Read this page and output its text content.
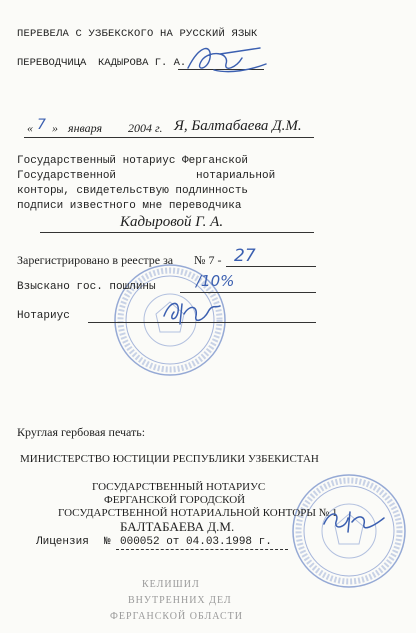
ПЕРЕВЕЛА С УЗБЕКСКОГО НА РУССКИЙ ЯЗЫК
ПЕРЕВОДЧИЦА КАДЫРОВА Г. А.
« 7 » января 2004 г. Я, Балтабаева Д.М.
Государственный нотариус Ферганской
Государственной	нотариальной
конторы, свидетельствую подлинность
подписи известного мне переводчика
Кадыровой Г. А.
Зарегистрировано в реестре за № 7 - 27
Взыскано гос. пошлины	/10%
Нотариус
Круглая гербовая печать:
МИНИСТЕРСТВО ЮСТИЦИИ РЕСПУБЛИКИ УЗБЕКИСТАН
ГОСУДАРСТВЕННЫЙ НОТАРИУС
ФЕРГАНСКОЙ ГОРОДСКОЙ
ГОСУДАРСТВЕННОЙ НОТАРИАЛЬНОЙ КОНТОРЫ № 1
БАЛТАБАЕВА Д.М.
Лицензия № 000052 от 04.03.1998 г.
КЕЛИШИЛ
ВНУТРЕННИХ ДЕЛ
ФЕРГАНСКОЙ ОБЛАСТИ
